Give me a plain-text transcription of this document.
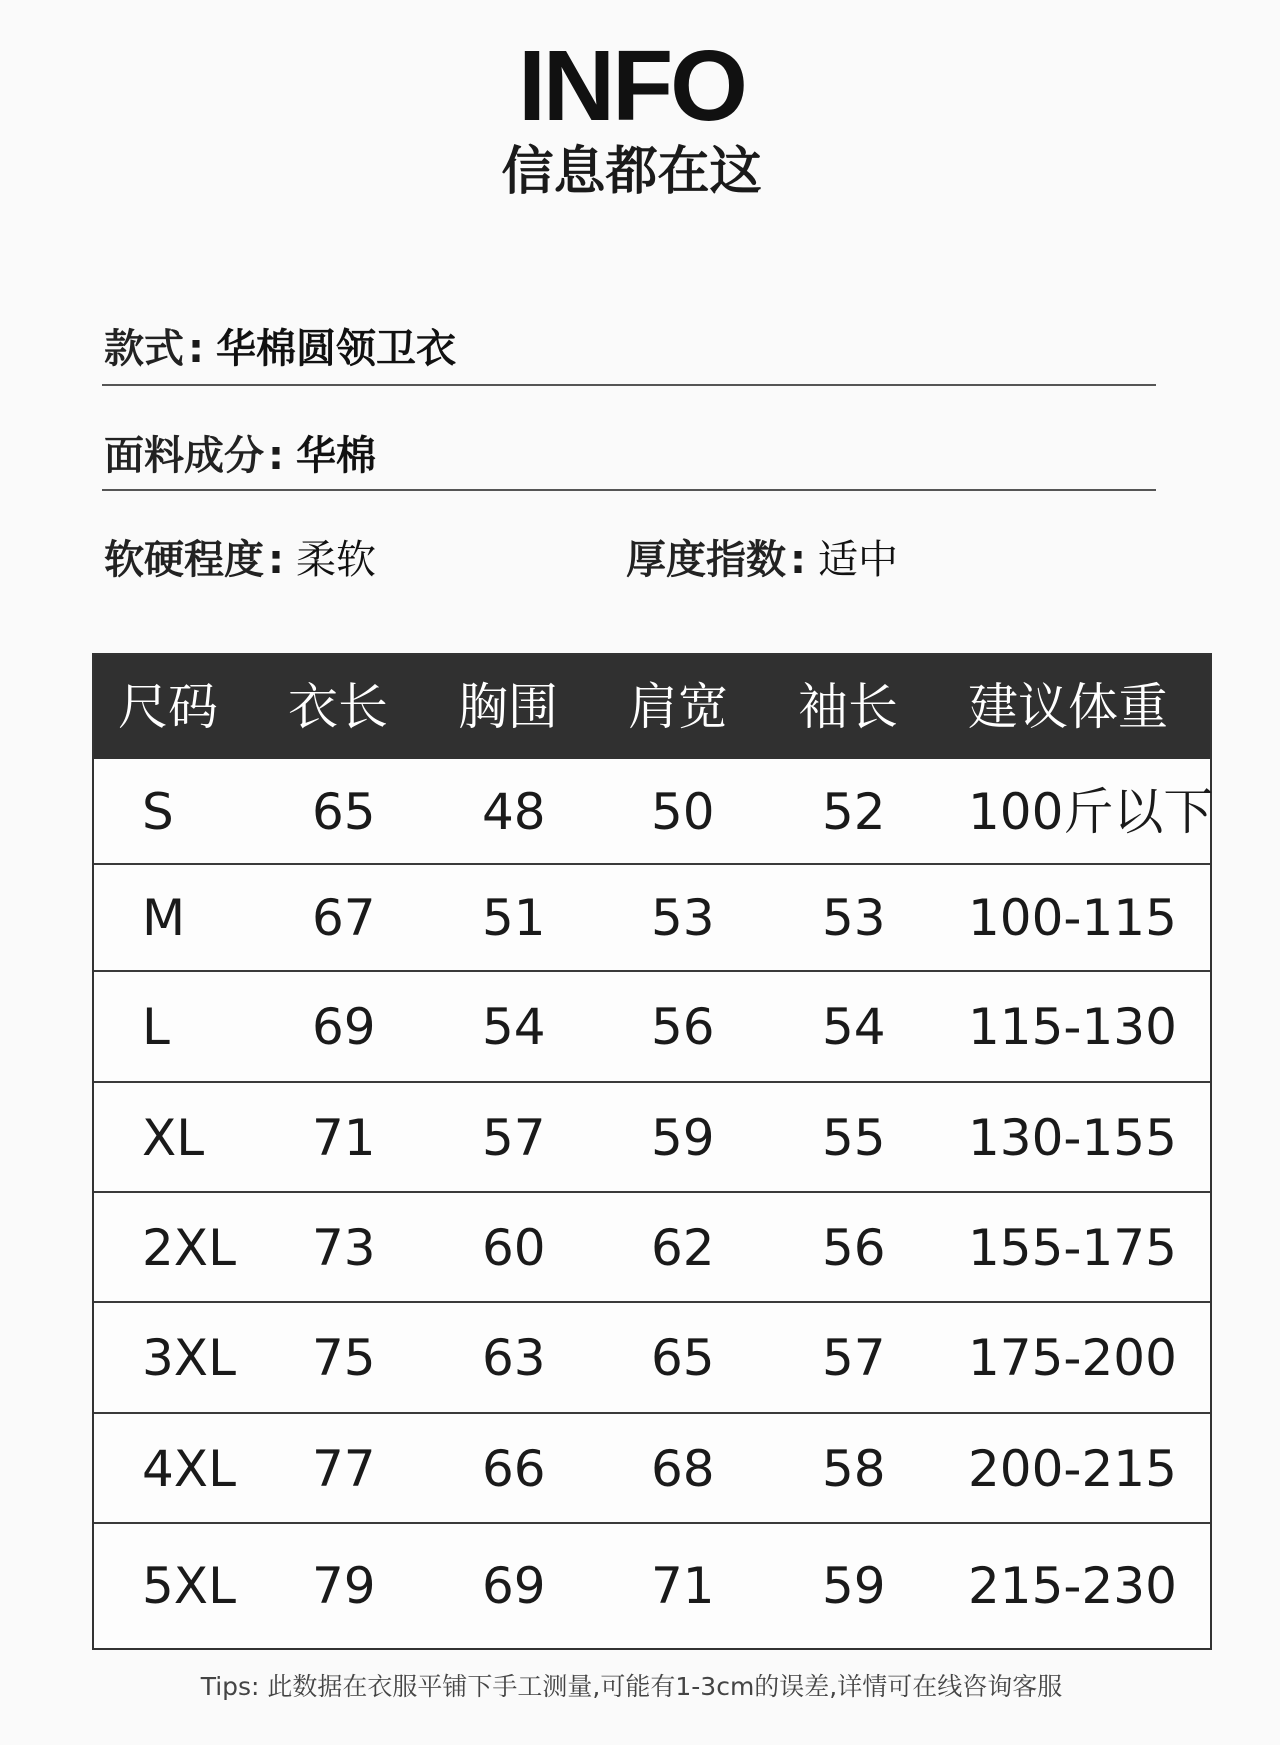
INFO
信息都在这
款式 : 华棉圆领卫衣
面料成分 : 华棉
软硬程度 : 柔软	厚度指数 : 适中
尺码 衣长 胸围 肩宽 袖长 建议体重
S	65 48 50 52 100斤以下
M	67 51 53 53 100-115
L	69 54 56 54 115-130
XL 71 57 59 55 130-155
2XL 73 60 62 56 155-175
3XL 75 63 65 57 175-200
4XL 77 66 68 58 200-215
5XL 79 69 71 59 215-230
Tips: 此数据在衣服平铺下手工测量,可能有1-3cm的误差,详情可在线咨询客服
